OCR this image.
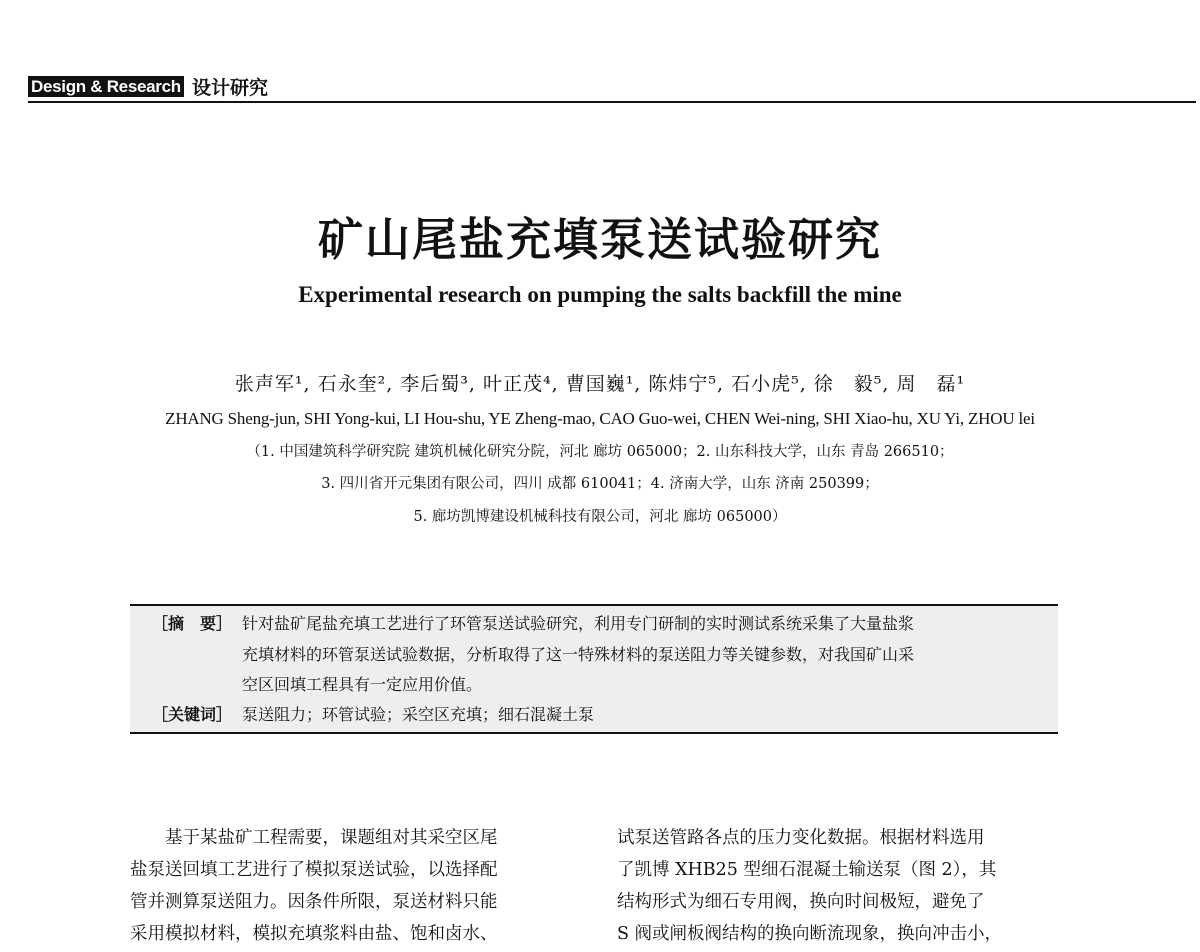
Design & Research 设计研究
矿山尾盐充填泵送试验研究
Experimental research on pumping the salts backfill the mine
张声军¹, 石永奎², 李后蜀³, 叶正茂⁴, 曹国巍¹, 陈炜宁⁵, 石小虎⁵, 徐　毅⁵, 周　磊¹
ZHANG Sheng-jun, SHI Yong-kui, LI Hou-shu, YE Zheng-mao, CAO Guo-wei, CHEN Wei-ning, SHI Xiao-hu, XU Yi, ZHOU lei
（1. 中国建筑科学研究院 建筑机械化研究分院，河北 廊坊 065000；2. 山东科技大学，山东 青岛 266510；
3. 四川省开元集团有限公司，四川 成都 610041；4. 济南大学，山东 济南 250399；
5. 廊坊凯博建设机械科技有限公司，河北 廊坊 065000）
［摘　要］ 针对盐矿尾盐充填工艺进行了环管泵送试验研究，利用专门研制的实时测试系统采集了大量盐浆
充填材料的环管泵送试验数据，分析取得了这一特殊材料的泵送阻力等关键参数，对我国矿山采
空区回填工程具有一定应用价值。
［关键词］ 泵送阻力；环管试验；采空区充填；细石混凝土泵
基于某盐矿工程需要，课题组对其采空区尾
盐泵送回填工艺进行了模拟泵送试验，以选择配
管并测算泵送阻力。因条件所限，泵送材料只能
采用模拟材料，模拟充填浆料由盐、饱和卤水、
试泵送管路各点的压力变化数据。根据材料选用
了凯博 XHB25 型细石混凝土输送泵（图 2），其
结构形式为细石专用阀，换向时间极短，避免了
S 阀或闸板阀结构的换向断流现象，换向冲击小，
